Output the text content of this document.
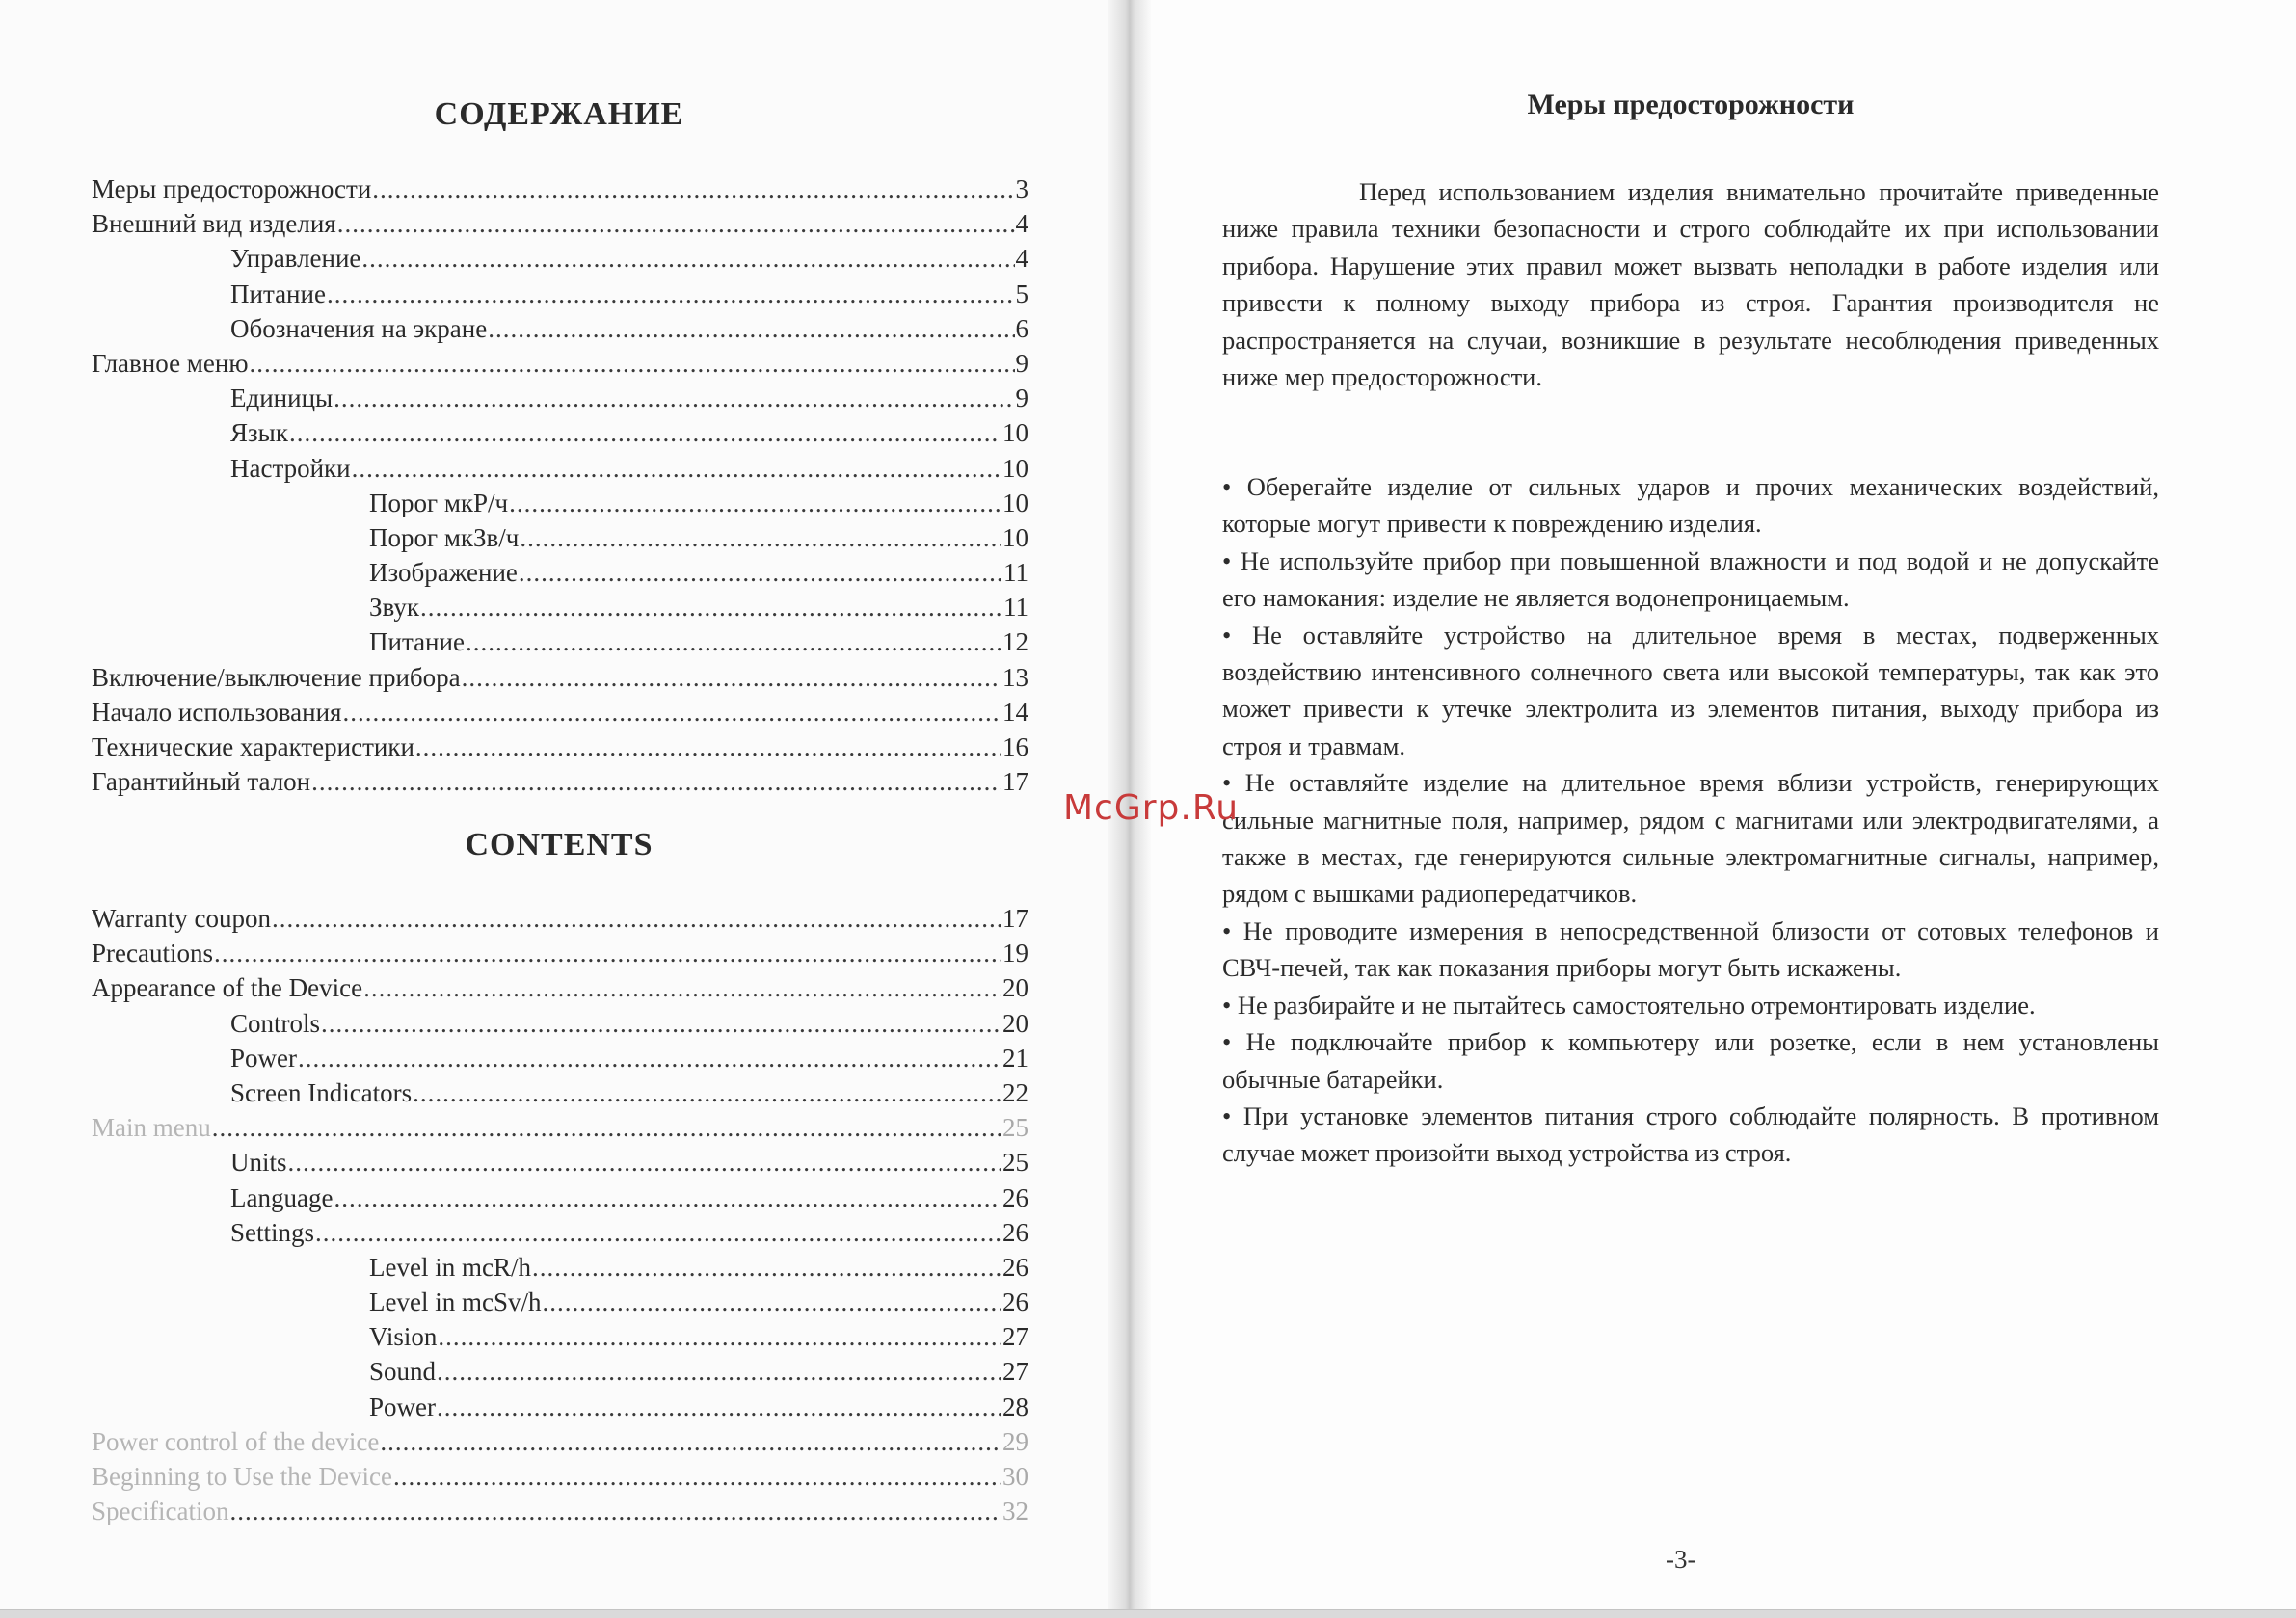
СОДЕРЖАНИЕ
Меры предосторожности .....	3
Внешний вид изделия .....	4
Управление .....	4
Питание .....	5
Обозначения на экране .....	6
Главное меню .....	9
Единицы .....	9
Язык .....	10
Настройки .....	10
Порог мкР/ч .....	10
Порог мкЗв/ч .....	10
Изображение .....	11
Звук .....	11
Питание .....	12
Включение/выключение прибора .....	13
Начало использования .....	14
Технические характеристики .....	16
Гарантийный талон .....	17
CONTENTS
Warranty coupon .....	17
Precautions .....	19
Appearance of the Device .....	20
Controls .....	20
Power .....	21
Screen Indicators .....	22
Main menu .....	25
Units .....	25
Language .....	26
Settings .....	26
Level in mcR/h .....	26
Level in mcSv/h .....	26
Vision .....	27
Sound .....	27
Power .....	28
Power control of the device .....	29
Beginning to Use the Device .....	30
Specification .....	32
Меры предосторожности

Перед использованием изделия внимательно прочитайте приведенные ниже правила техники безопасности и строго соблюдайте их при использовании прибора. Нарушение этих правил может вызвать неполадки в работе изделия или привести к полному выходу прибора из строя. Гарантия производителя не распространяется на случаи, возникшие в результате несоблюдения приведенных ниже мер предосторожности.

• Оберегайте изделие от сильных ударов и прочих механических воздействий, которые могут привести к повреждению изделия.

• Не используйте прибор при повышенной влажности и под водой и не допускайте его намокания: изделие не является водонепроницаемым.

• Не оставляйте устройство на длительное время в местах, подверженных воздействию интенсивного солнечного света или высокой температуры, так как это может привести к утечке электролита из элементов питания, выходу прибора из строя и травмам.

• Не оставляйте изделие на длительное время вблизи устройств, генерирующих сильные магнитные поля, например, рядом с магнитами или электродвигателями, а также в местах, где генерируются сильные электромагнитные сигналы, например, рядом с вышками радиопередатчиков.

• Не проводите измерения в непосредственной близости от сотовых телефонов и СВЧ-печей, так как показания приборы могут быть искажены.

• Не разбирайте и не пытайтесь самостоятельно отремонтировать изделие.

• Не подключайте прибор к компьютеру или розетке, если в нем установлены обычные батарейки.

• При установке элементов питания строго соблюдайте полярность. В противном случае может произойти выход устройства из строя.

-3-

McGrp.Ru
